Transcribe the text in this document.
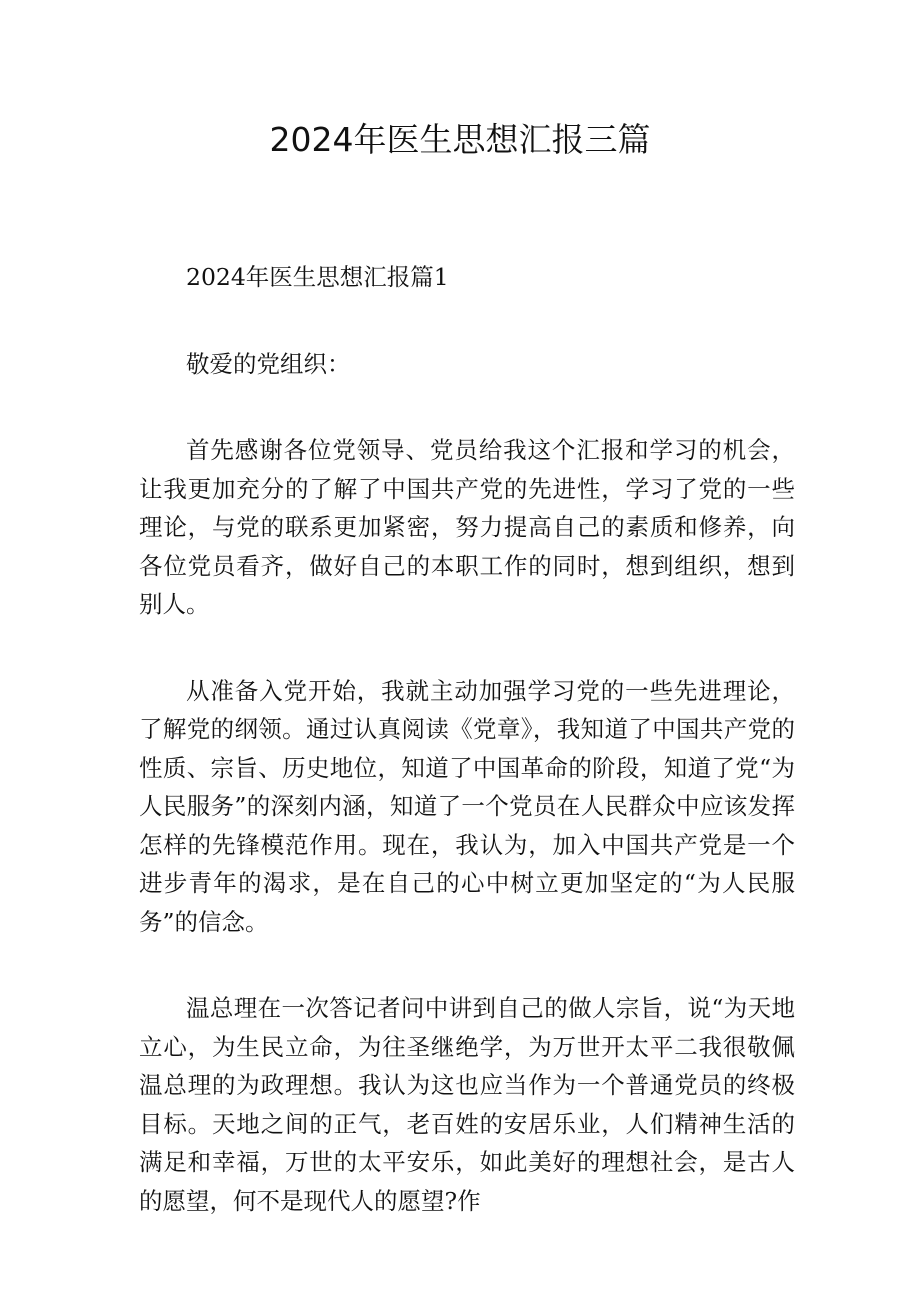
2024年医生思想汇报三篇

2024年医生思想汇报篇1

敬爱的党组织：

首先感谢各位党领导、党员给我这个汇报和学习的机会，让我更加充分的了解了中国共产党的先进性，学习了党的一些理论，与党的联系更加紧密，努力提高自己的素质和修养，向各位党员看齐，做好自己的本职工作的同时，想到组织，想到别人。

从准备入党开始，我就主动加强学习党的一些先进理论，了解党的纲领。通过认真阅读《党章》，我知道了中国共产党的性质、宗旨、历史地位，知道了中国革命的阶段，知道了党“为人民服务”的深刻内涵，知道了一个党员在人民群众中应该发挥怎样的先锋模范作用。现在，我认为，加入中国共产党是一个进步青年的渴求，是在自己的心中树立更加坚定的“为人民服务”的信念。

温总理在一次答记者问中讲到自己的做人宗旨，说“为天地立心，为生民立命，为往圣继绝学，为万世开太平二我很敬佩温总理的为政理想。我认为这也应当作为一个普通党员的终极目标。天地之间的正气，老百姓的安居乐业，人们精神生活的满足和幸福，万世的太平安乐，如此美好的理想社会，是古人的愿望，何不是现代人的愿望?作
